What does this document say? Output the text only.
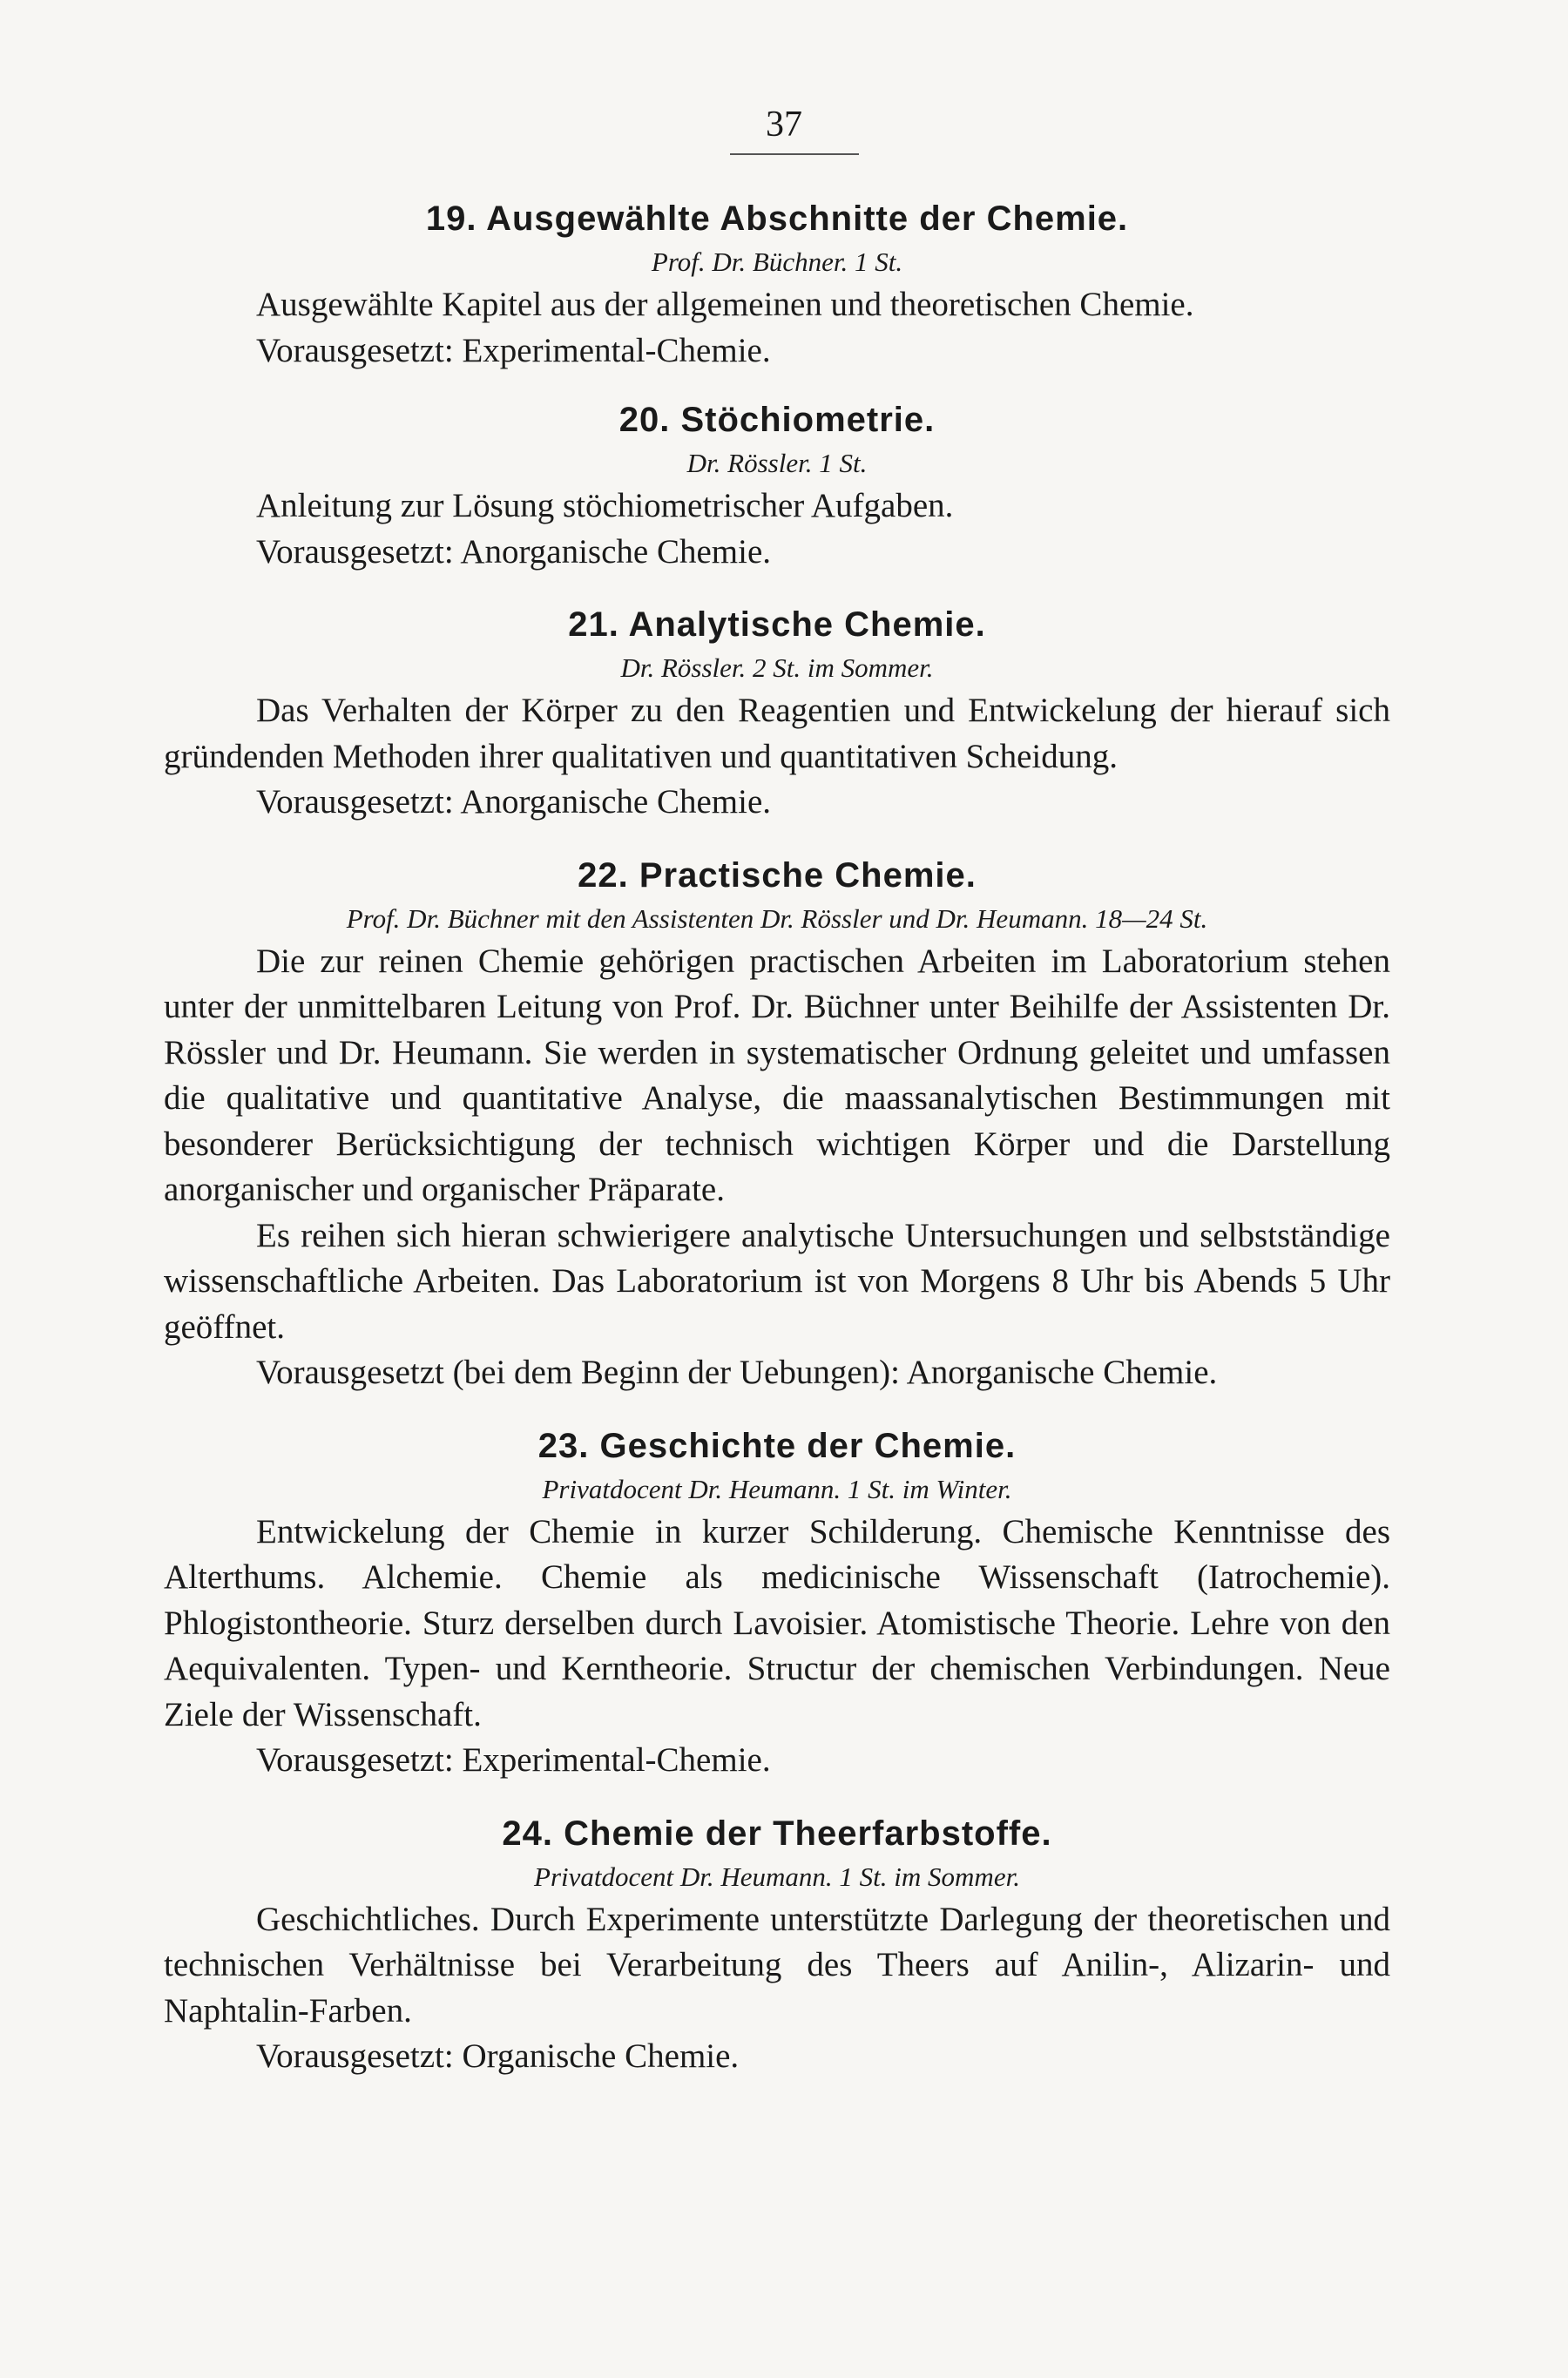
37
19. Ausgewählte Abschnitte der Chemie.
Prof. Dr. Büchner. 1 St.

Ausgewählte Kapitel aus der allgemeinen und theoretischen Chemie.

Vorausgesetzt: Experimental-Chemie.

20. Stöchiometrie.
Dr. Rössler. 1 St.

Anleitung zur Lösung stöchiometrischer Aufgaben.

Vorausgesetzt: Anorganische Chemie.

21. Analytische Chemie.
Dr. Rössler. 2 St. im Sommer.

Das Verhalten der Körper zu den Reagentien und Entwickelung der hierauf sich gründenden Methoden ihrer qualitativen und quantitativen Scheidung.

Vorausgesetzt: Anorganische Chemie.

22. Practische Chemie.
Prof. Dr. Büchner mit den Assistenten Dr. Rössler und Dr. Heumann. 18—24 St.

Die zur reinen Chemie gehörigen practischen Arbeiten im Laboratorium stehen unter der unmittelbaren Leitung von Prof. Dr. Büchner unter Beihilfe der Assistenten Dr. Rössler und Dr. Heumann. Sie werden in systematischer Ordnung geleitet und umfassen die qualitative und quantitative Analyse, die maassanalytischen Bestimmungen mit besonderer Berücksichtigung der technisch wichtigen Körper und die Darstellung anorganischer und organischer Präparate.

Es reihen sich hieran schwierigere analytische Untersuchungen und selbstständige wissenschaftliche Arbeiten. Das Laboratorium ist von Morgens 8 Uhr bis Abends 5 Uhr geöffnet.

Vorausgesetzt (bei dem Beginn der Uebungen): Anorganische Chemie.

23. Geschichte der Chemie.
Privatdocent Dr. Heumann. 1 St. im Winter.

Entwickelung der Chemie in kurzer Schilderung. Chemische Kenntnisse des Alterthums. Alchemie. Chemie als medicinische Wissenschaft (Iatrochemie). Phlogistontheorie. Sturz derselben durch Lavoisier. Atomistische Theorie. Lehre von den Aequivalenten. Typen- und Kerntheorie. Structur der chemischen Verbindungen. Neue Ziele der Wissenschaft.

Vorausgesetzt: Experimental-Chemie.

24. Chemie der Theerfarbstoffe.
Privatdocent Dr. Heumann. 1 St. im Sommer.

Geschichtliches. Durch Experimente unterstützte Darlegung der theoretischen und technischen Verhältnisse bei Verarbeitung des Theers auf Anilin-, Alizarin- und Naphtalin-Farben.

Vorausgesetzt: Organische Chemie.
